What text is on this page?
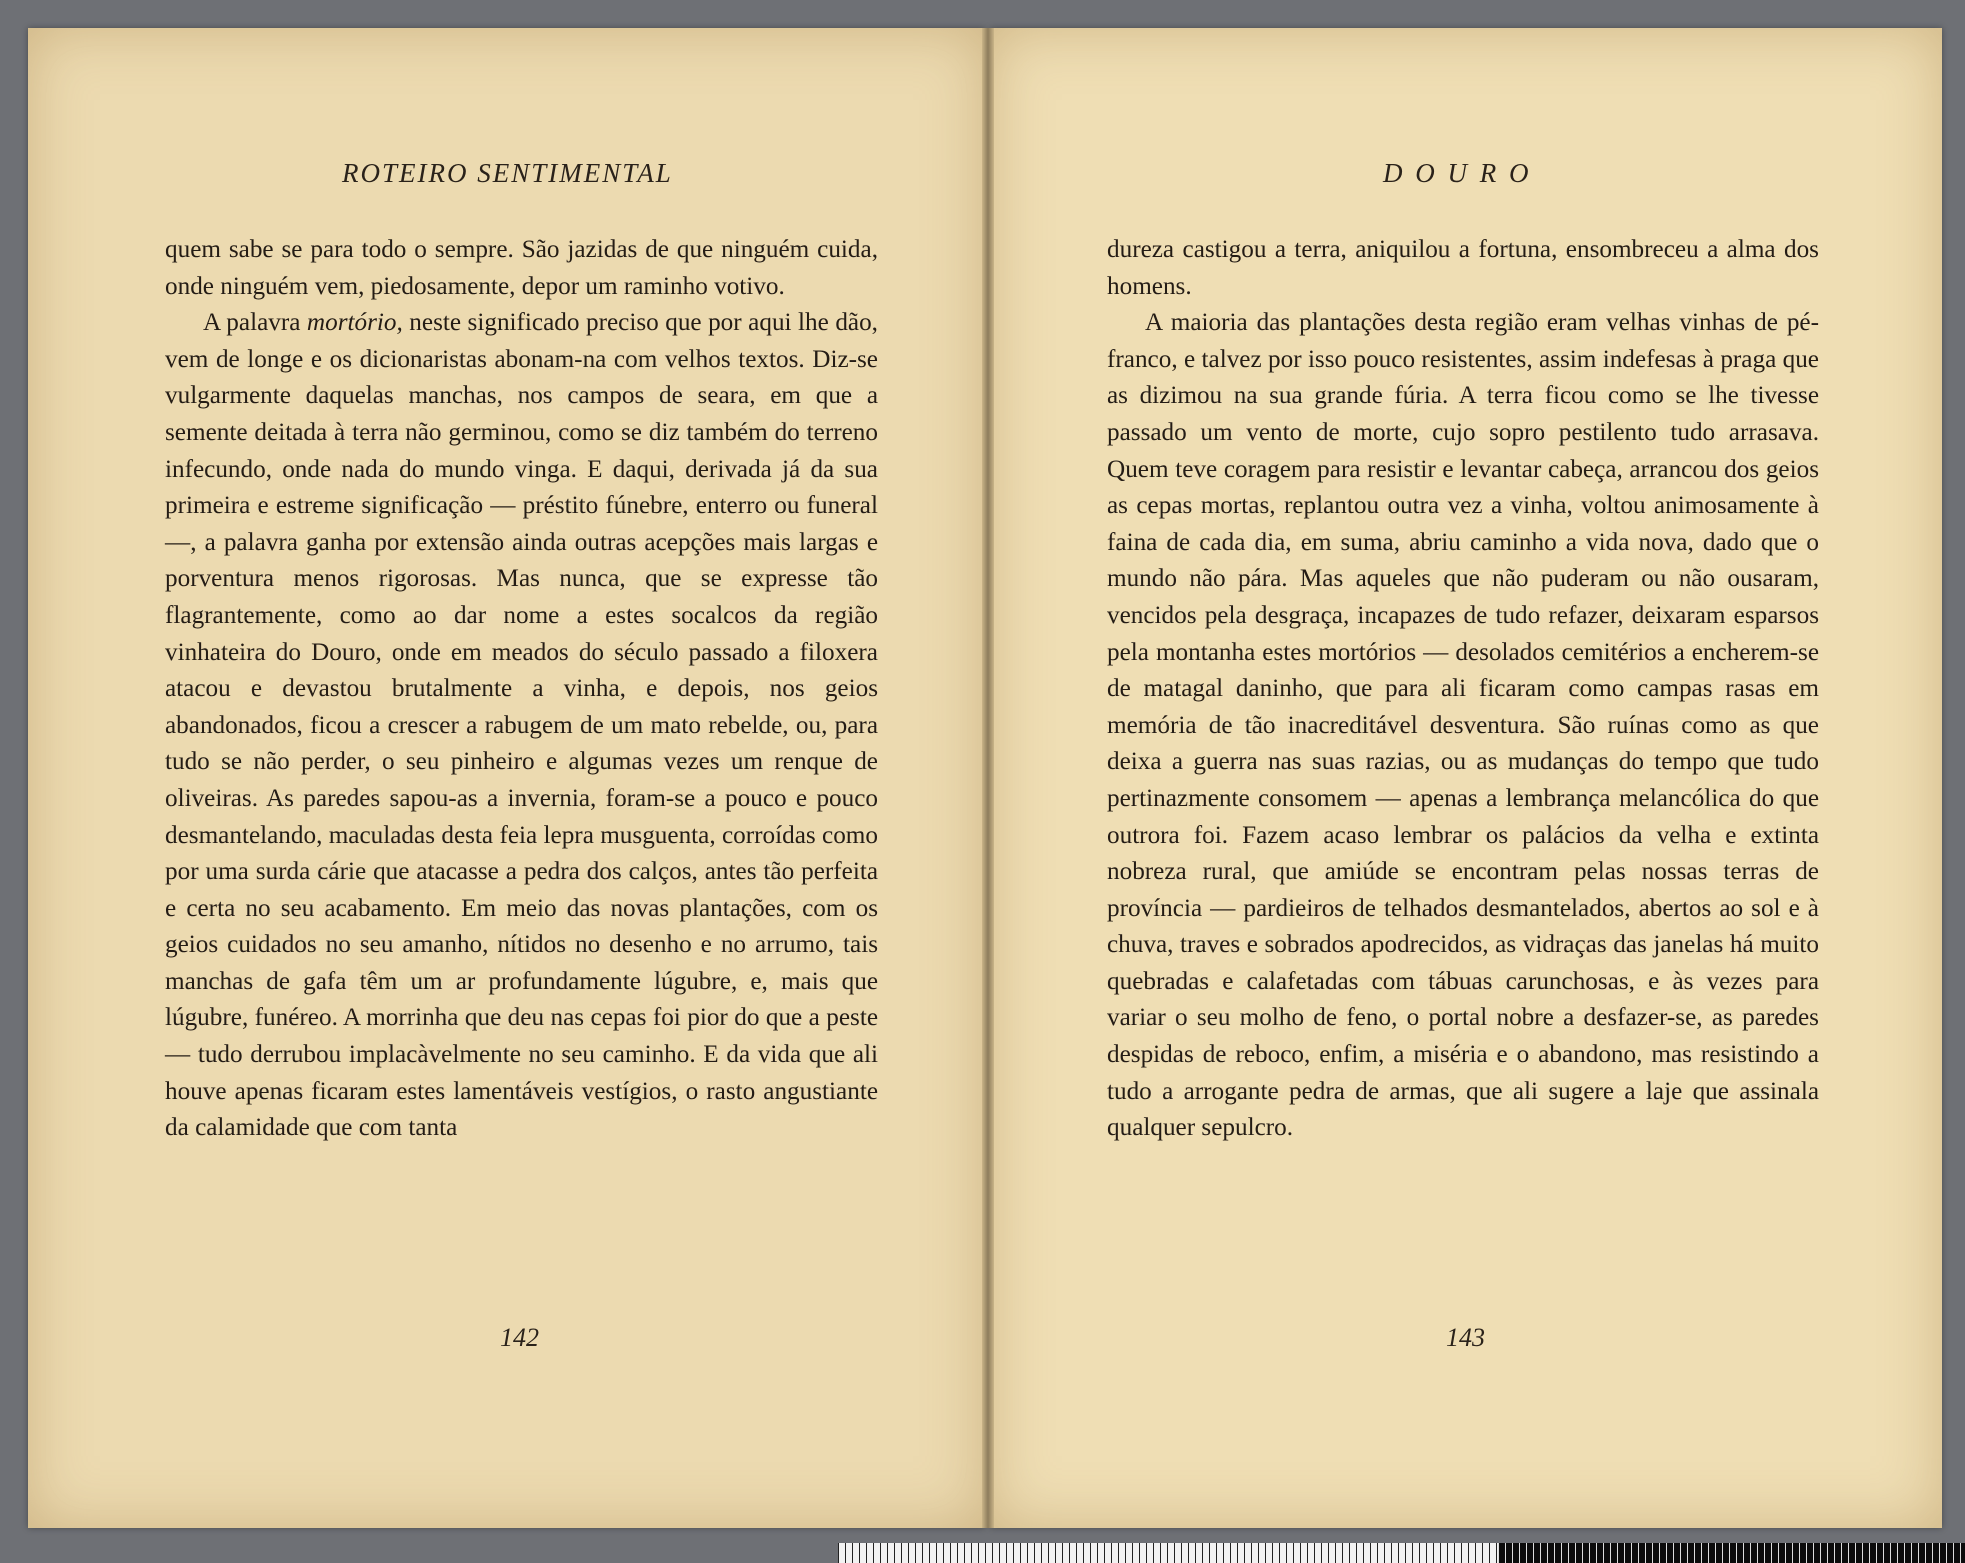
ROTEIRO SENTIMENTAL	D O U R O

quem sabe se para todo o sempre. São jazidas de que ninguém cuida, onde ninguém vem, piedosamente, depor um raminho votivo.

A palavra mortório, neste significado preciso que por aqui lhe dão, vem de longe e os dicionaristas abonam-na com velhos textos. Diz-se vulgarmente daquelas manchas, nos campos de seara, em que a semente deitada à terra não germinou, como se diz também do terreno infecundo, onde nada do mundo vinga. E daqui, derivada já da sua primeira e estreme significação — préstito fúnebre, enterro ou funeral —, a palavra ganha por extensão ainda outras acepções mais largas e porventura menos rigorosas. Mas nunca, que se expresse tão flagrantemente, como ao dar nome a estes socalcos da região vinhateira do Douro, onde em meados do século passado a filoxera atacou e devastou brutalmente a vinha, e depois, nos geios abandonados, ficou a crescer a rabugem de um mato rebelde, ou, para tudo se não perder, o seu pinheiro e algumas vezes um renque de oliveiras. As paredes sapou-as a invernia, foram-se a pouco e pouco desmantelando, maculadas desta feia lepra musguenta, corroídas como por uma surda cárie que atacasse a pedra dos calços, antes tão perfeita e certa no seu acabamento. Em meio das novas plantações, com os geios cuidados no seu amanho, nítidos no desenho e no arrumo, tais manchas de gafa têm um ar profundamente lúgubre, e, mais que lúgubre, funéreo. A morrinha que deu nas cepas foi pior do que a peste — tudo derrubou implacàvelmente no seu caminho. E da vida que ali houve apenas ficaram estes lamentáveis vestígios, o rasto angustiante da calamidade que com tanta

dureza castigou a terra, aniquilou a fortuna, ensombreceu a alma dos homens.

A maioria das plantações desta região eram velhas vinhas de pé-franco, e talvez por isso pouco resistentes, assim indefesas à praga que as dizimou na sua grande fúria. A terra ficou como se lhe tivesse passado um vento de morte, cujo sopro pestilento tudo arrasava. Quem teve coragem para resistir e levantar cabeça, arrancou dos geios as cepas mortas, replantou outra vez a vinha, voltou animosamente à faina de cada dia, em suma, abriu caminho a vida nova, dado que o mundo não pára. Mas aqueles que não puderam ou não ousaram, vencidos pela desgraça, incapazes de tudo refazer, deixaram esparsos pela montanha estes mortórios — desolados cemitérios a encherem-se de matagal daninho, que para ali ficaram como campas rasas em memória de tão inacreditável desventura. São ruínas como as que deixa a guerra nas suas razias, ou as mudanças do tempo que tudo pertinazmente consomem — apenas a lembrança melancólica do que outrora foi. Fazem acaso lembrar os palácios da velha e extinta nobreza rural, que amiúde se encontram pelas nossas terras de província — pardieiros de telhados desmantelados, abertos ao sol e à chuva, traves e sobrados apodrecidos, as vidraças das janelas há muito quebradas e calafetadas com tábuas carunchosas, e às vezes para variar o seu molho de feno, o portal nobre a desfazer-se, as paredes despidas de reboco, enfim, a miséria e o abandono, mas resistindo a tudo a arrogante pedra de armas, que ali sugere a laje que assinala qualquer sepulcro.

142	143
